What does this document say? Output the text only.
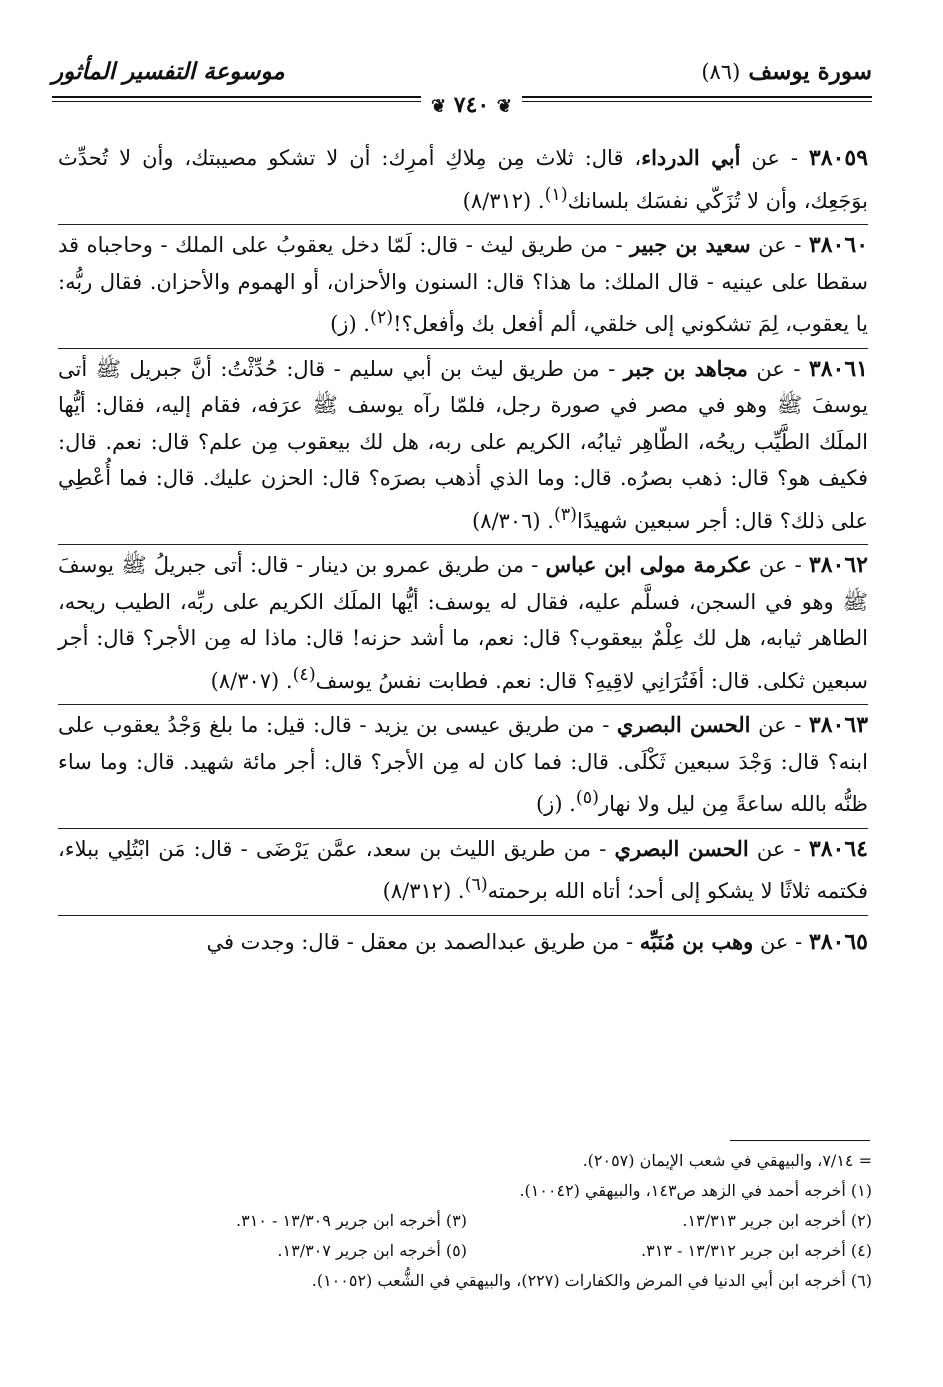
سورة يوسف (٨٦)
موسوعة التفسير المأثور
❦ ٧٤٠ ❦
٣٨٠٥٩ - عن أبي الدرداء، قال: ثلاث مِن مِلاكِ أمرِك: أن لا تشكو مصيبتك، وأن لا تُحدِّث بوَجَعِك، وأن لا تُزَكّي نفسَك بلسانك$^{(١)}$. (٨/٣١٢)
٣٨٠٦٠ - عن سعيد بن جبير - من طريق ليث - قال: لَمّا دخل يعقوبُ على الملك - وحاجباه قد سقطا على عينيه - قال الملك: ما هذا؟ قال: السنون والأحزان، أو الهموم والأحزان. فقال ربُّه: يا يعقوب، لِمَ تشكوني إلى خلقي، ألم أفعل بك وأفعل؟!$^{(٢)}$. (ز)
٣٨٠٦١ - عن مجاهد بن جبر - من طريق ليث بن أبي سليم - قال: حُدِّثْتُ: أنَّ جبريل ﷺ أتى يوسفَ ﷺ وهو في مصر في صورة رجل، فلمّا رآه يوسف ﷺ عرَفه، فقام إليه، فقال: أيُّها الملَك الطَّيِّب ريحُه، الطّاهِر ثيابُه، الكريم على ربه، هل لك بيعقوب مِن علم؟ قال: نعم. قال: فكيف هو؟ قال: ذهب بصرُه. قال: وما الذي أذهب بصرَه؟ قال: الحزن عليك. قال: فما أُعْطِي على ذلك؟ قال: أجر سبعين شهيدًا$^{(٣)}$. (٨/٣٠٦)
٣٨٠٦٢ - عن عكرمة مولى ابن عباس - من طريق عمرو بن دينار - قال: أتى جبريلُ ﷺ يوسفَ ﷺ وهو في السجن، فسلَّم عليه، فقال له يوسف: أيُّها الملَك الكريم على ربِّه، الطيب ريحه، الطاهر ثيابه، هل لك عِلْمٌ بيعقوب؟ قال: نعم، ما أشد حزنه! قال: ماذا له مِن الأجر؟ قال: أجر سبعين ثكلى. قال: أفَتُرَانِي لاقِيهِ؟ قال: نعم. فطابت نفسُ يوسف$^{(٤)}$. (٨/٣٠٧)
٣٨٠٦٣ - عن الحسن البصري - من طريق عيسى بن يزيد - قال: قيل: ما بلغ وَجْدُ يعقوب على ابنه؟ قال: وَجْدَ سبعين ثَكْلَى. قال: فما كان له مِن الأجر؟ قال: أجر مائة شهيد. قال: وما ساء ظنُّه بالله ساعةً مِن ليل ولا نهار$^{(٥)}$. (ز)
٣٨٠٦٤ - عن الحسن البصري - من طريق الليث بن سعد، عمَّن يَرْضَى - قال: مَن ابْتُلِي ببلاء، فكتمه ثلاثًا لا يشكو إلى أحد؛ أتاه الله برحمته$^{(٦)}$. (٨/٣١٢)
٣٨٠٦٥ - عن وهب بن مُنَبِّه - من طريق عبدالصمد بن معقل - قال: وجدت في
= ٧/١٤، والبيهقي في شعب الإيمان (٢٠٥٧).
(١) أخرجه أحمد في الزهد ص١٤٣، والبيهقي (١٠٠٤٢).
(٢) أخرجه ابن جرير ١٣/٣١٣.
(٣) أخرجه ابن جرير ١٣/٣٠٩ - ٣١٠.
(٤) أخرجه ابن جرير ١٣/٣١٢ - ٣١٣.
(٥) أخرجه ابن جرير ١٣/٣٠٧.
(٦) أخرجه ابن أبي الدنيا في المرض والكفارات (٢٢٧)، والبيهقي في الشُّعب (١٠٠٥٢).
